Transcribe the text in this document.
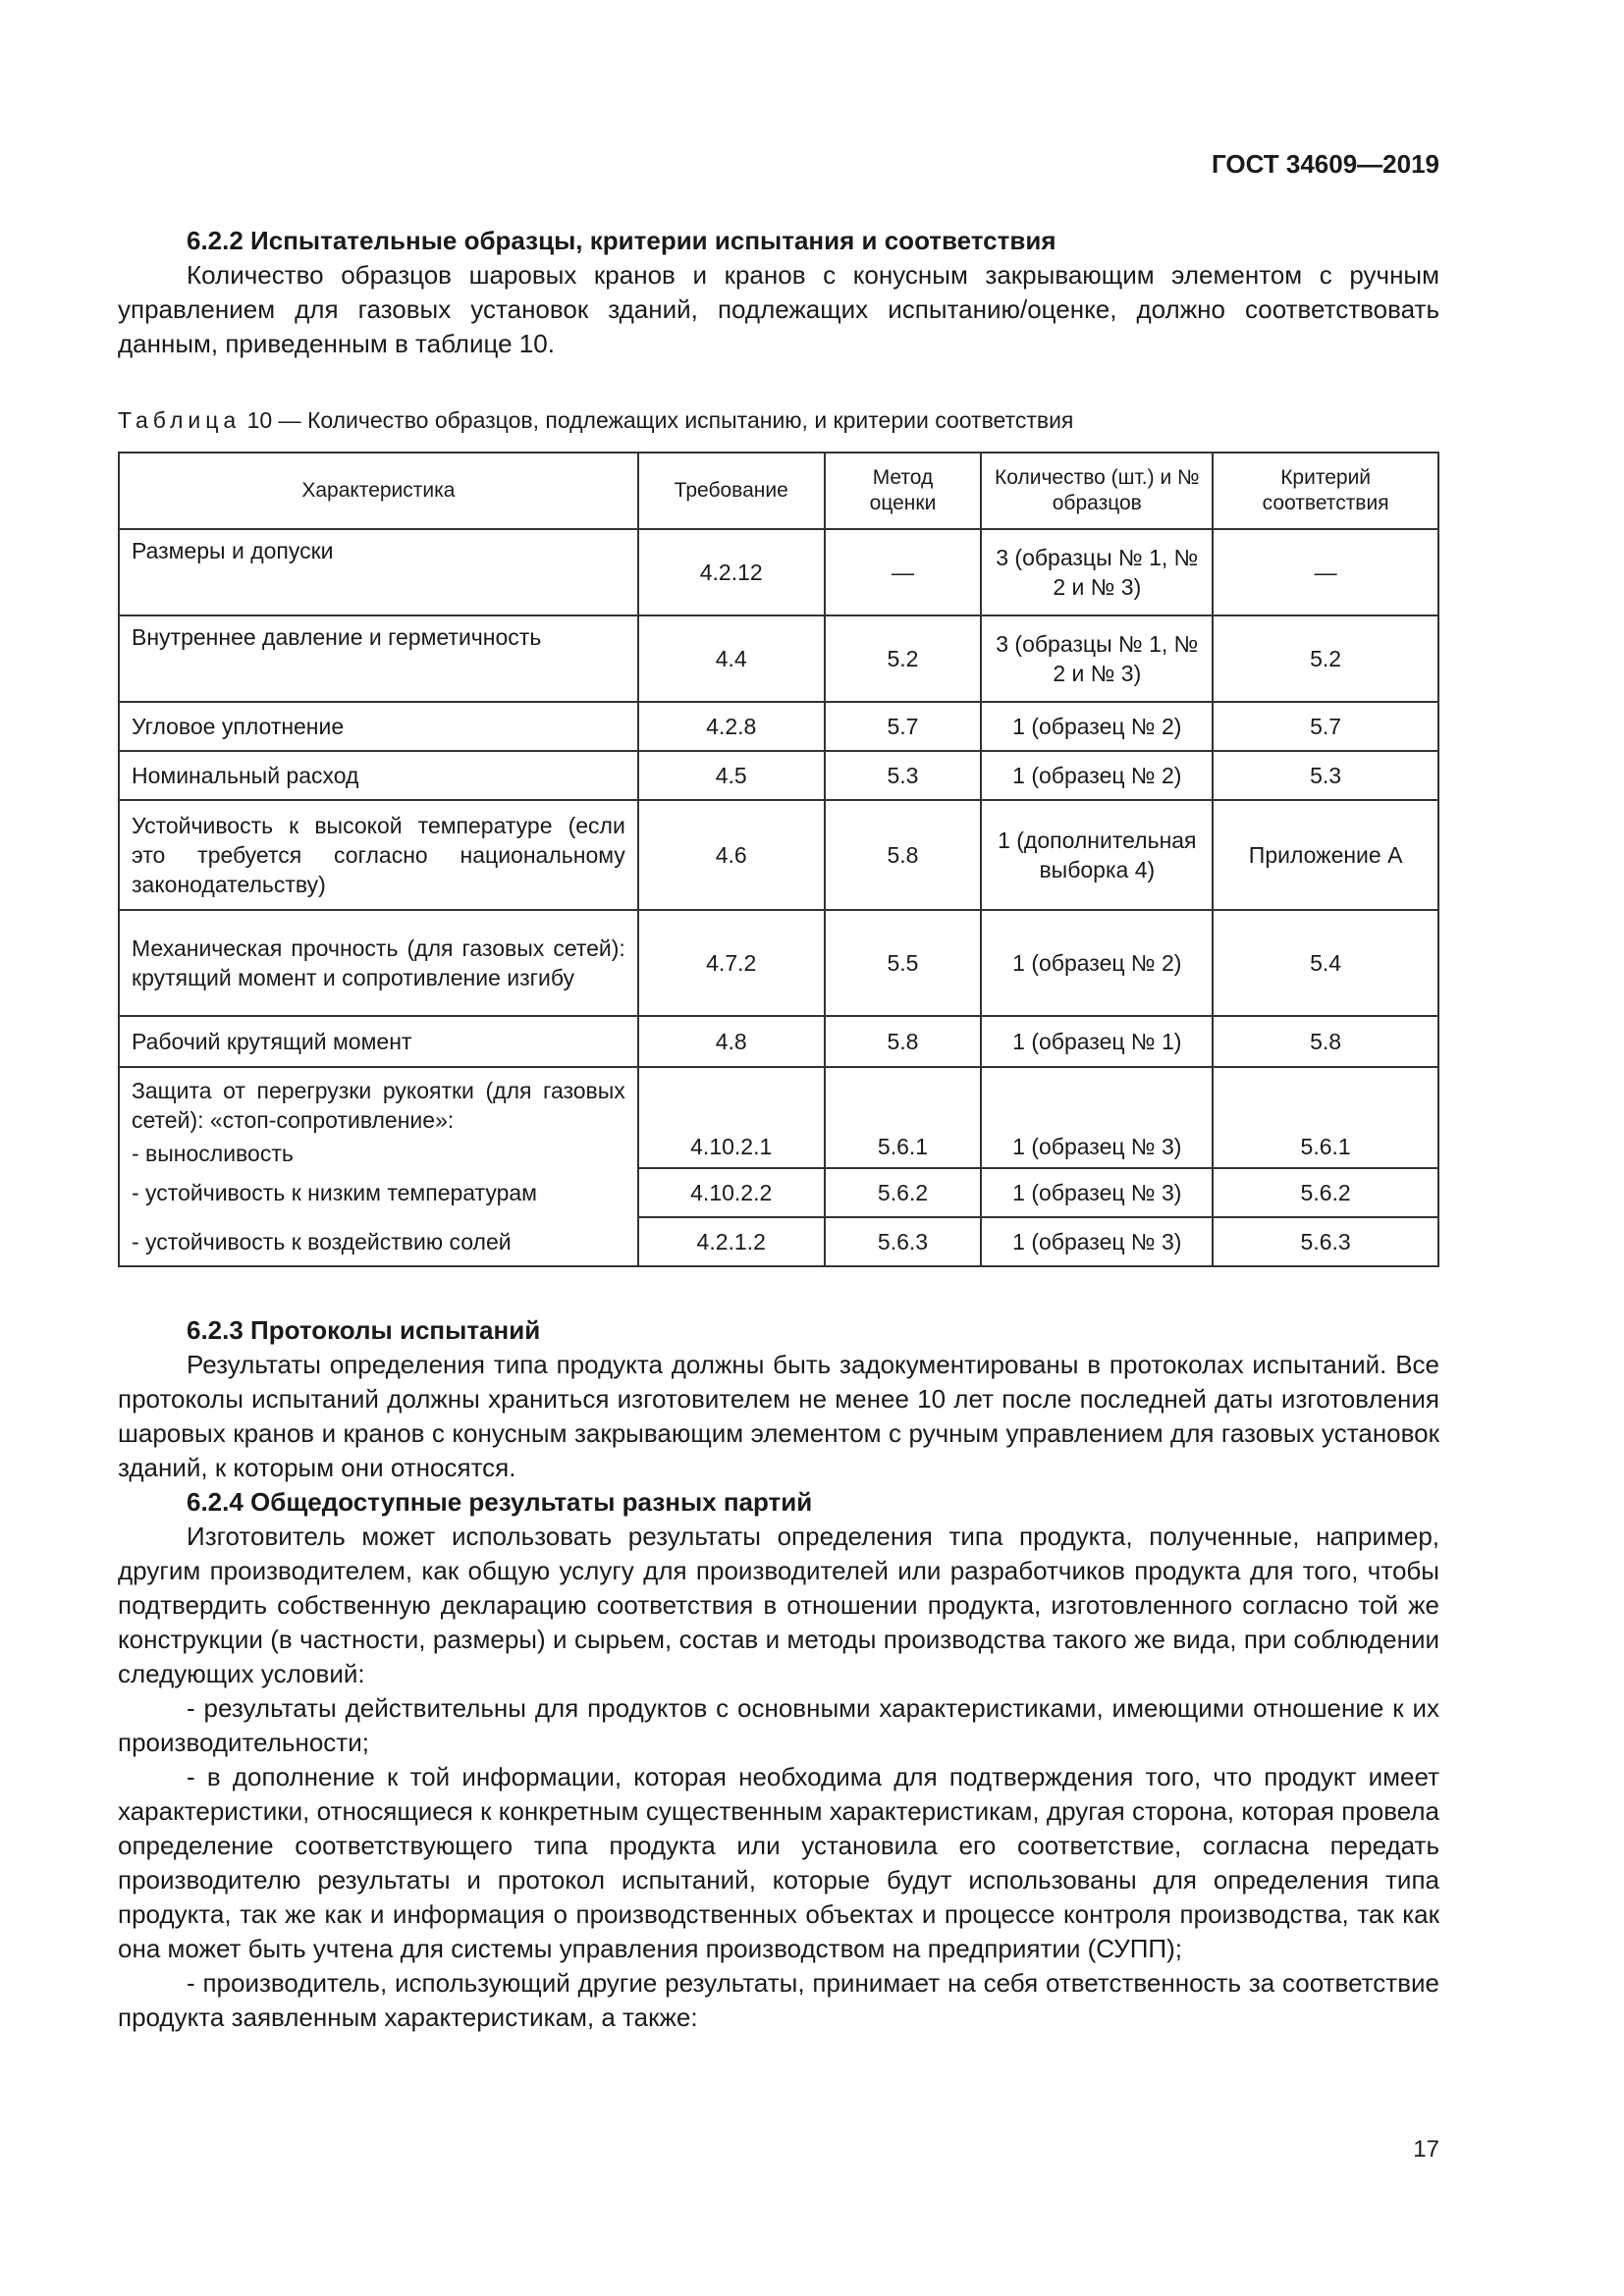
ГОСТ 34609—2019
6.2.2 Испытательные образцы, критерии испытания и соответствия

Количество образцов шаровых кранов и кранов с конусным закрывающим элементом с ручным управлением для газовых установок зданий, подлежащих испытанию/оценке, должно соответствовать данным, приведенным в таблице 10.

Таблица 10 — Количество образцов, подлежащих испытанию, и критерии соответствия
Характеристика	Требование	Метод оценки	Количество (шт.) и № образцов	Критерий соответствия
Размеры и допуски	4.2.12	—	3 (образцы № 1, № 2 и № 3)	—
Внутреннее давление и герметичность	4.4	5.2	3 (образцы № 1, № 2 и № 3)	5.2
Угловое уплотнение	4.2.8	5.7	1 (образец № 2)	5.7
Номинальный расход	4.5	5.3	1 (образец № 2)	5.3
Устойчивость к высокой температуре (если это требуется согласно национальному законодательству)	4.6	5.8	1 (дополнительная выборка 4)	Приложение А
Механическая прочность (для газовых сетей): крутящий момент и сопротивление изгибу	4.7.2	5.5	1 (образец № 2)	5.4
Рабочий крутящий момент	4.8	5.8	1 (образец № 1)	5.8

Защита от перегрузки рукоятки (для газовых сетей): «стоп-сопротивление»:
- выносливость	4.10.2.1	5.6.1	1 (образец № 3)	5.6.1
- устойчивость к низким температурам	4.10.2.2	5.6.2	1 (образец № 3)	5.6.2
- устойчивость к воздействию солей	4.2.1.2	5.6.3	1 (образец № 3)	5.6.3
6.2.3 Протоколы испытаний

Результаты определения типа продукта должны быть задокументированы в протоколах испытаний. Все протоколы испытаний должны храниться изготовителем не менее 10 лет после последней даты изготовления шаровых кранов и кранов с конусным закрывающим элементом с ручным управлением для газовых установок зданий, к которым они относятся.

6.2.4 Общедоступные результаты разных партий

Изготовитель может использовать результаты определения типа продукта, полученные, например, другим производителем, как общую услугу для производителей или разработчиков продукта для того, чтобы подтвердить собственную декларацию соответствия в отношении продукта, изготовленного согласно той же конструкции (в частности, размеры) и сырьем, состав и методы производства такого же вида, при соблюдении следующих условий:

- результаты действительны для продуктов с основными характеристиками, имеющими отношение к их производительности;

- в дополнение к той информации, которая необходима для подтверждения того, что продукт имеет характеристики, относящиеся к конкретным существенным характеристикам, другая сторона, которая провела определение соответствующего типа продукта или установила его соответствие, согласна передать производителю результаты и протокол испытаний, которые будут использованы для определения типа продукта, так же как и информация о производственных объектах и процессе контроля производства, так как она может быть учтена для системы управления производством на предприятии (СУПП);

- производитель, использующий другие результаты, принимает на себя ответственность за соответствие продукта заявленным характеристикам, а также:

17
